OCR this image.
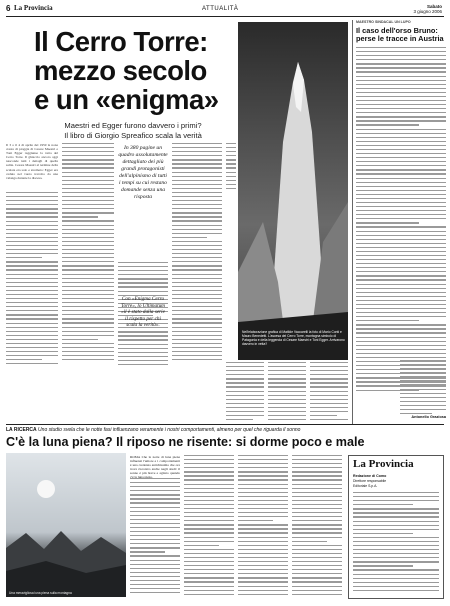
6 La Provincia	ATTUALITÀ	Sabato
3 giugno 2006
Il Cerro Torre:
mezzo secolo
e un «enigma»
Maestri ed Egger furono davvero i primi?
Il libro di Giorgio Spreafico scala la verità
Nell'elaborazione grafica di Matilde Vaccarelli la foto di Mario Conti e Mauro Benedetti. L'ascesa del Cerro Torre, montagna simbolo di Patagonia e della leggenda di Cesare Maestri e Toni Egger. Arrivarono davvero in vetta?
Il 3 o il 4 di aprile del 1959 la nona cresta di pioggia di Cesare Maestri e Toni Egger raggiunse la vetta del Cerro Torre. Il ghiaccio ancora oggi nasconde tutti i dettagli di quella salita. Cesare Maestri al termine della scalata era solo e stremato: Egger era caduto nel vuoto travolto da una valanga durante la discesa.
In 380 pagine un quadro assolutamente dettagliato dei più grandi protagonisti dell'alpinismo di tutti i tempi su cui restano domande senza una risposta
Con «Enigma Cerro Torre», lo Ultimatum «il è stato dalla serie il rispetto per chi scala la verità».
MAESTRO SINDACAL UN LUPO
Il caso dell'orso Bruno:
perse le tracce in Austria
Antonello Graziosa
LA RICERCA Uno studio svela che le notte fasi influenzano veramente i nostri comportamenti, almeno per quel che riguarda il sonno
C'è la luna piena? Il riposo ne risente: si dorme poco e male
Una meravigliosa luna piena sulla montagna
ROMA Che la notte di luna piena influenzi l'umore e i comportamenti è una credenza antichissima che ora trova riscontro anche negli studi: il sonno è più breve e agitato quando
La Provincia
Redazione di Como
Direttore responsabile
Editoriale S.p.A.
